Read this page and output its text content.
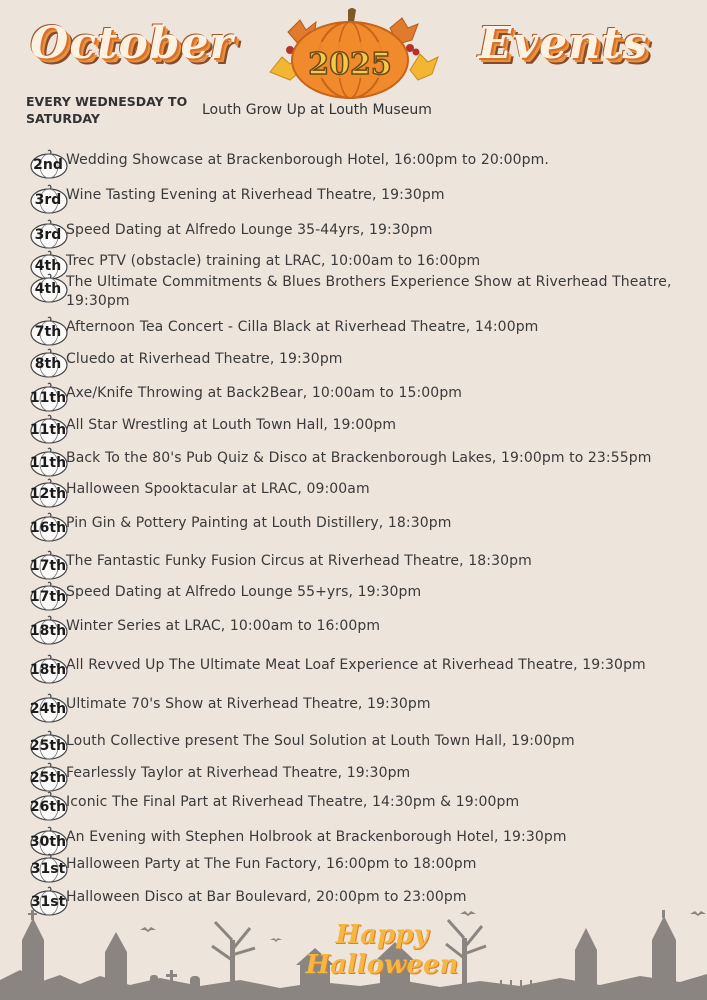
October 2025 Events
EVERY WEDNESDAY TO SATURDAY
Louth Grow Up at Louth Museum
2nd Wedding Showcase at Brackenborough Hotel, 16:00pm to 20:00pm.
3rd Wine Tasting Evening at Riverhead Theatre, 19:30pm
3rd Speed Dating at Alfredo Lounge 35-44yrs, 19:30pm
4th Trec PTV (obstacle) training at LRAC, 10:00am to 16:00pm
4th The Ultimate Commitments & Blues Brothers Experience Show at Riverhead Theatre, 19:30pm
7th Afternoon Tea Concert - Cilla Black at Riverhead Theatre, 14:00pm
8th Cluedo at Riverhead Theatre, 19:30pm
11th Axe/Knife Throwing at Back2Bear, 10:00am to 15:00pm
11th All Star Wrestling at Louth Town Hall, 19:00pm
11th Back To the 80's Pub Quiz & Disco at Brackenborough Lakes, 19:00pm to 23:55pm
12th Halloween Spooktacular at LRAC, 09:00am
16th Pin Gin & Pottery Painting at Louth Distillery, 18:30pm
17th The Fantastic Funky Fusion Circus at Riverhead Theatre, 18:30pm
17th Speed Dating at Alfredo Lounge 55+yrs, 19:30pm
18th Winter Series at LRAC, 10:00am to 16:00pm
18th All Revved Up The Ultimate Meat Loaf Experience at Riverhead Theatre, 19:30pm
24th Ultimate 70's Show at Riverhead Theatre, 19:30pm
25th Louth Collective present The Soul Solution at Louth Town Hall, 19:00pm
25th Fearlessly Taylor at Riverhead Theatre, 19:30pm
26th Iconic The Final Part at Riverhead Theatre, 14:30pm & 19:00pm
30th An Evening with Stephen Holbrook at Brackenborough Hotel, 19:30pm
31st Halloween Party at The Fun Factory, 16:00pm to 18:00pm
31st Halloween Disco at Bar Boulevard, 20:00pm to 23:00pm
Happy
Halloween
